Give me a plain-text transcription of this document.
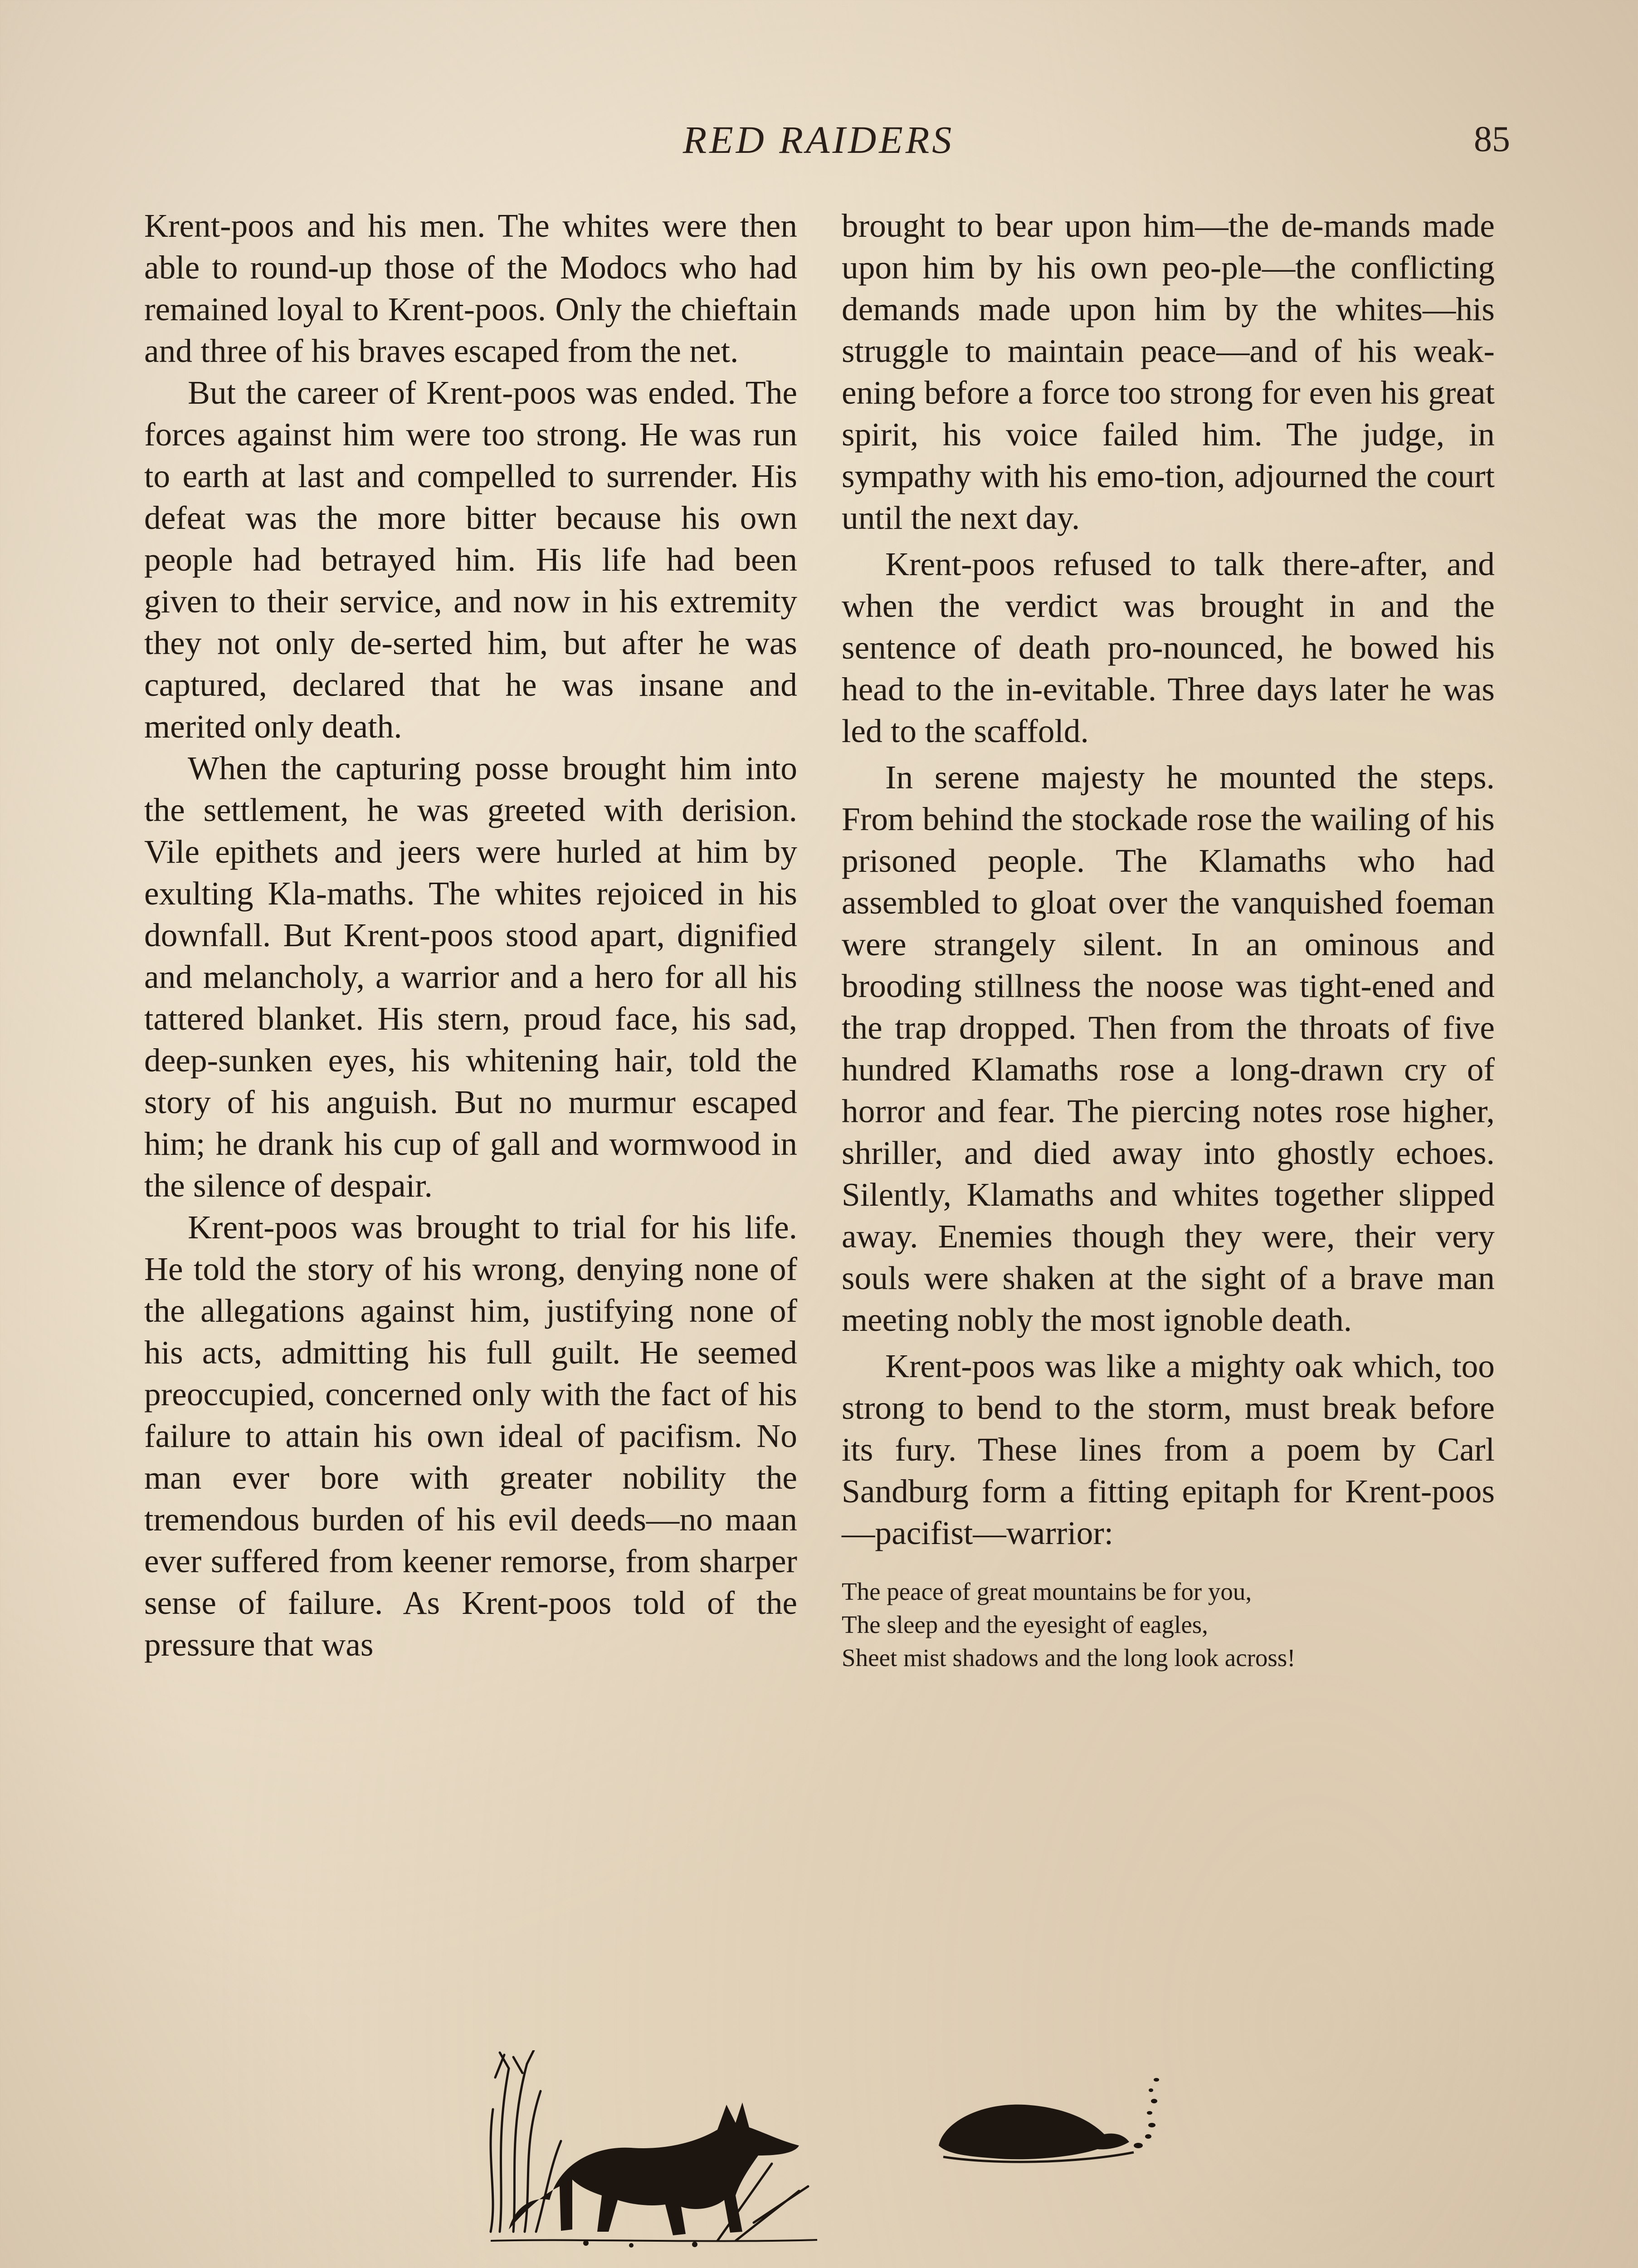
RED RAIDERS	85

Krent-poos and his men. The whites were then able to round-up those of the Modocs who had remained loyal to Krent-poos. Only the chieftain and three of his braves escaped from the net.

But the career of Krent-poos was ended. The forces against him were too strong. He was run to earth at last and compelled to surrender. His defeat was the more bitter because his own people had betrayed him. His life had been given to their service, and now in his extremity they not only de-serted him, but after he was captured, declared that he was insane and merited only death.

When the capturing posse brought him into the settlement, he was greeted with derision. Vile epithets and jeers were hurled at him by exulting Kla-maths. The whites rejoiced in his downfall. But Krent-poos stood apart, dignified and melancholy, a warrior and a hero for all his tattered blanket. His stern, proud face, his sad, deep-sunken eyes, his whitening hair, told the story of his anguish. But no murmur escaped him; he drank his cup of gall and wormwood in the silence of despair.

Krent-poos was brought to trial for his life. He told the story of his wrong, denying none of the allegations against him, justifying none of his acts, admitting his full guilt. He seemed preoccupied, concerned only with the fact of his failure to attain his own ideal of pacifism. No man ever bore with greater nobility the tremendous burden of his evil deeds—no maan ever suffered from keener remorse, from sharper sense of failure. As Krent-poos told of the pressure that was

brought to bear upon him—the de-mands made upon him by his own peo-ple—the conflicting demands made upon him by the whites—his struggle to maintain peace—and of his weak-ening before a force too strong for even his great spirit, his voice failed him. The judge, in sympathy with his emo-tion, adjourned the court until the next day.

Krent-poos refused to talk there-after, and when the verdict was brought in and the sentence of death pro-nounced, he bowed his head to the in-evitable. Three days later he was led to the scaffold.

In serene majesty he mounted the steps. From behind the stockade rose the wailing of his prisoned people. The Klamaths who had assembled to gloat over the vanquished foeman were strangely silent. In an ominous and brooding stillness the noose was tight-ened and the trap dropped. Then from the throats of five hundred Klamaths rose a long-drawn cry of horror and fear. The piercing notes rose higher, shriller, and died away into ghostly echoes. Silently, Klamaths and whites together slipped away. Enemies though they were, their very souls were shaken at the sight of a brave man meeting nobly the most ignoble death.

Krent-poos was like a mighty oak which, too strong to bend to the storm, must break before its fury. These lines from a poem by Carl Sandburg form a fitting epitaph for Krent-poos—pacifist—warrior:

The peace of great mountains be for you,
The sleep and the eyesight of eagles,
Sheet mist shadows and the long look across!
